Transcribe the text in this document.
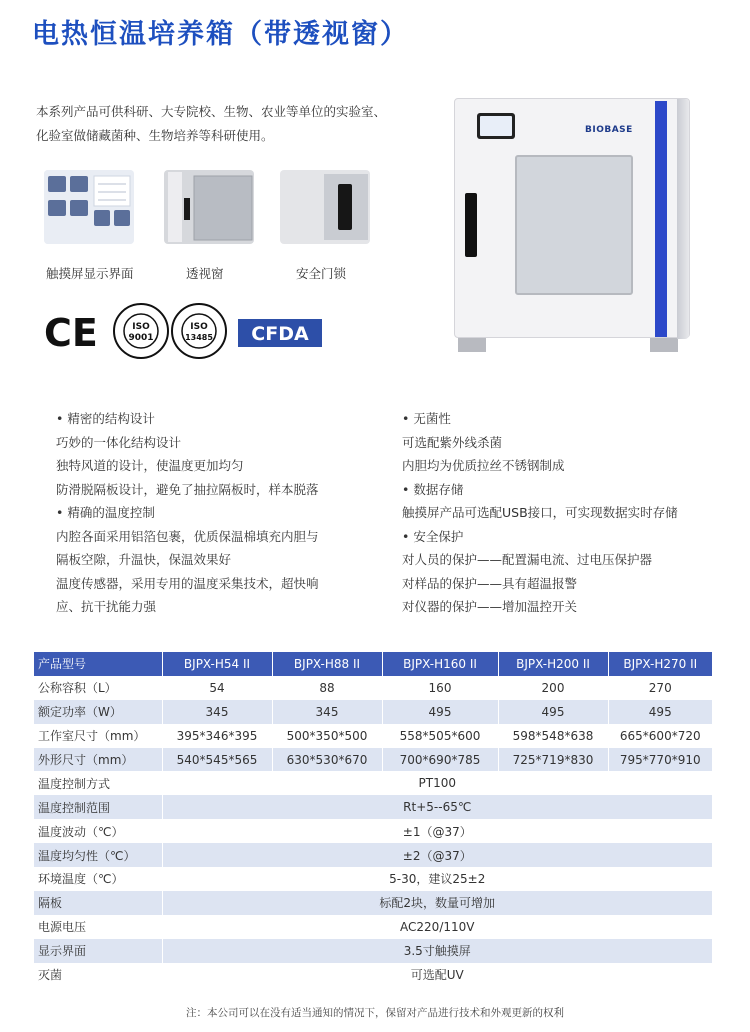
电热恒温培养箱（带透视窗）
本系列产品可供科研、大专院校、生物、农业等单位的实验室、化验室做储藏菌种、生物培养等科研使用。
触摸屏显示界面	透视窗	安全门锁
CE	ISO
9001
ISO
13485 CFDA
BIOBASE
• 精密的结构设计
巧妙的一体化结构设计
独特风道的设计，使温度更加均匀
防滑脱隔板设计，避免了抽拉隔板时，样本脱落
• 精确的温度控制
内腔各面采用铝箔包裹，优质保温棉填充内胆与
隔板空隙，升温快，保温效果好
温度传感器，采用专用的温度采集技术，超快响
应、抗干扰能力强
• 无菌性
可选配紫外线杀菌
内胆均为优质拉丝不锈钢制成
• 数据存储
触摸屏产品可选配USB接口，可实现数据实时存储
• 安全保护
对人员的保护——配置漏电流、过电压保护器
对样品的保护——具有超温报警
对仪器的保护——增加温控开关
产品型号	BJPX-H54 II	BJPX-H88 II	BJPX-H160 II	BJPX-H200 II	BJPX-H270 II
公称容积（L）	54	88	160	200	270
额定功率（W）	345	345	495	495	495
工作室尺寸（mm）	395*346*395	500*350*500	558*505*600	598*548*638	665*600*720
外形尺寸（mm）	540*545*565	630*530*670	700*690*785	725*719*830	795*770*910
温度控制方式	PT100				
温度控制范围	Rt+5--65℃				
温度波动（℃）	±1（@37）				
温度均匀性（℃）	±2（@37）				
环境温度（℃）	5-30，建议25±2				
隔板	标配2块，数量可增加				
电源电压	AC220/110V				
显示界面	3.5寸触摸屏				
灭菌	可选配UV				
注：本公司可以在没有适当通知的情况下，保留对产品进行技术和外观更新的权利
